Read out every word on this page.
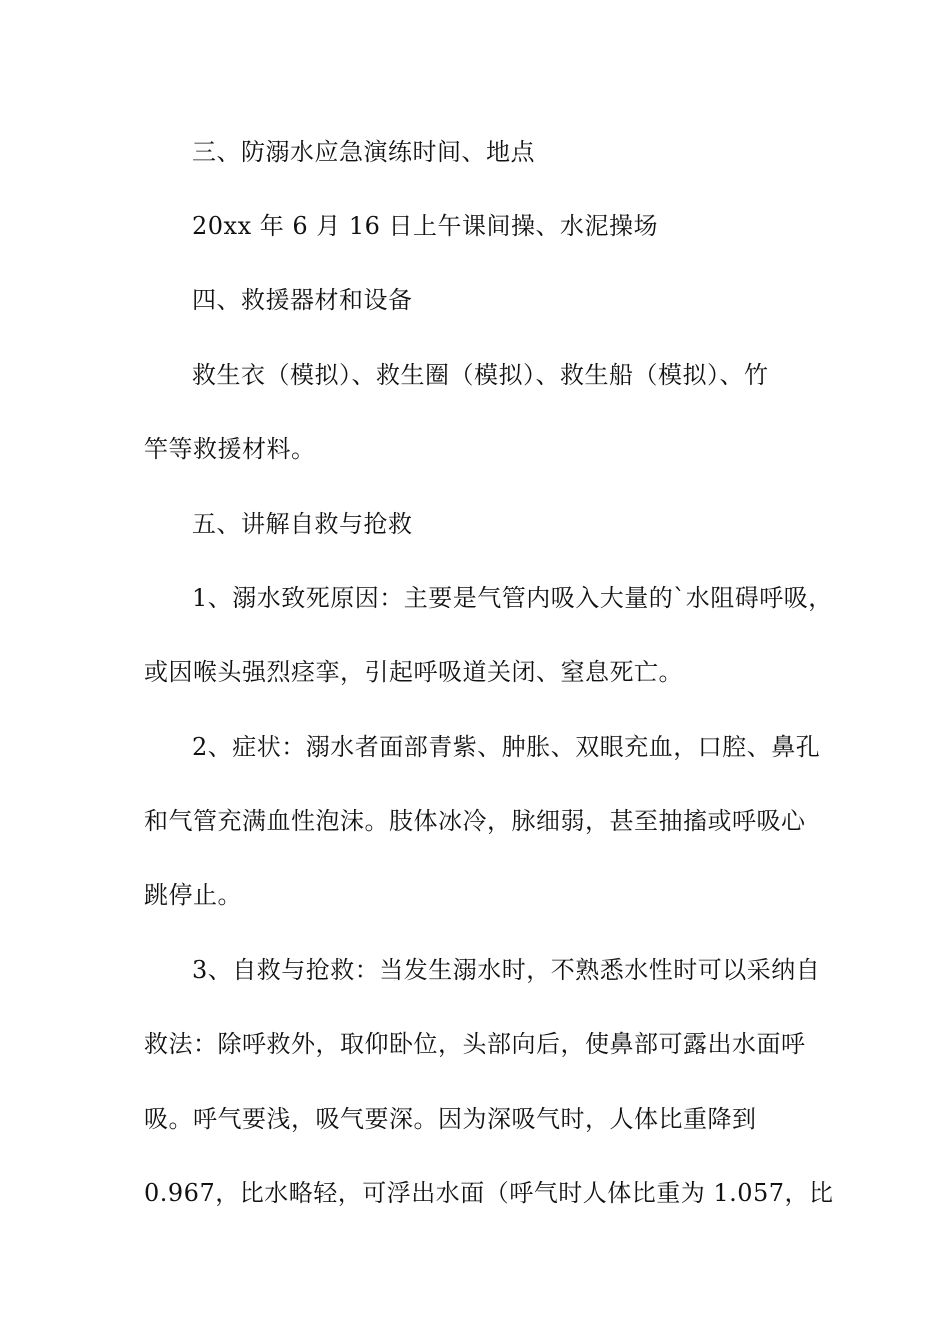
三、防溺水应急演练时间、地点
20xx 年 6 月 16 日上午课间操、水泥操场
四、救援器材和设备
救生衣（模拟）、救生圈（模拟）、救生船（模拟）、竹
竿等救援材料。
五、讲解自救与抢救
1、溺水致死原因：主要是气管内吸入大量的`水阻碍呼吸，
或因喉头强烈痉挛，引起呼吸道关闭、窒息死亡。
2、症状：溺水者面部青紫、肿胀、双眼充血，口腔、鼻孔
和气管充满血性泡沫。肢体冰冷，脉细弱，甚至抽搐或呼吸心
跳停止。
3、自救与抢救：当发生溺水时，不熟悉水性时可以采纳自
救法：除呼救外，取仰卧位，头部向后，使鼻部可露出水面呼
吸。呼气要浅，吸气要深。因为深吸气时，人体比重降到
0.967，比水略轻，可浮出水面（呼气时人体比重为 1.057，比
